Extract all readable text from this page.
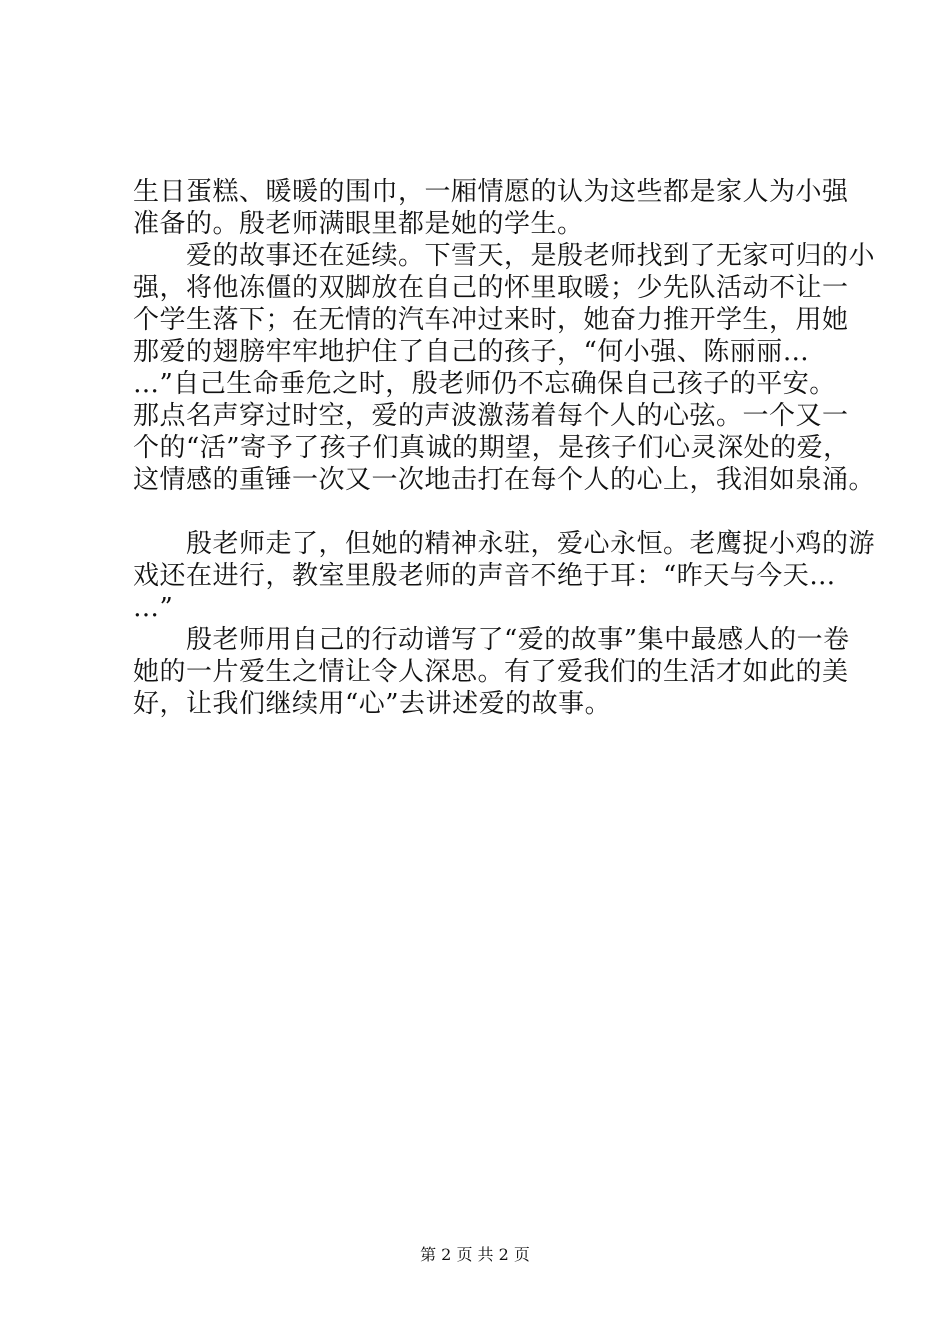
生日蛋糕、暖暖的围巾，一厢情愿的认为这些都是家人为小强
准备的。殷老师满眼里都是她的学生。
　　爱的故事还在延续。下雪天，是殷老师找到了无家可归的小
强，将他冻僵的双脚放在自己的怀里取暖；少先队活动不让一
个学生落下；在无情的汽车冲过来时，她奋力推开学生，用她
那爱的翅膀牢牢地护住了自己的孩子，“何小强、陈丽丽…
…”自己生命垂危之时，殷老师仍不忘确保自己孩子的平安。
那点名声穿过时空，爱的声波激荡着每个人的心弦。一个又一
个的“活”寄予了孩子们真诚的期望，是孩子们心灵深处的爱，
这情感的重锤一次又一次地击打在每个人的心上，我泪如泉涌。
　　殷老师走了，但她的精神永驻，爱心永恒。老鹰捉小鸡的游
戏还在进行，教室里殷老师的声音不绝于耳：“昨天与今天…
…”
　　殷老师用自己的行动谱写了“爱的故事”集中最感人的一卷
她的一片爱生之情让令人深思。有了爱我们的生活才如此的美
好，让我们继续用“心”去讲述爱的故事。
第 2 页 共 2 页
